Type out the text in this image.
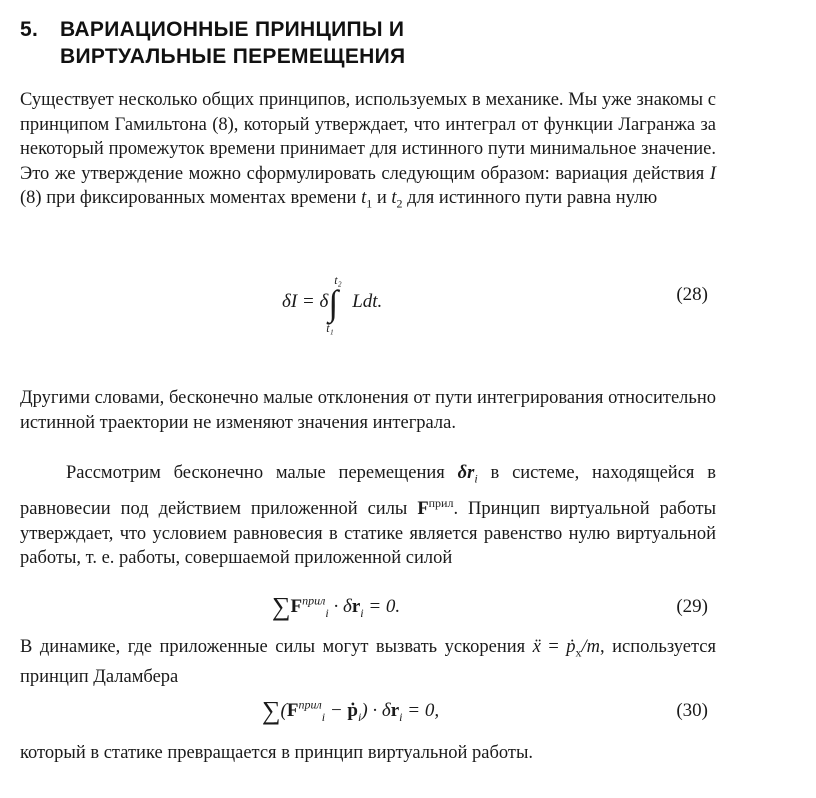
5. ВАРИАЦИОННЫЕ ПРИНЦИПЫ И
ВИРТУАЛЬНЫЕ ПЕРЕМЕЩЕНИЯ
Существует несколько общих принципов, используемых в механике. Мы уже знакомы с принципом Гамильтона (8), который утверждает, что интеграл от функции Лагранжа за некоторый промежуток времени принимает для истинного пути минимальное значение. Это же утверждение можно сформулировать следующим образом: вариация действия I (8) при фиксированных моментах времени $t_1$ и $t_2$ для истинного пути равна нулю
δI = δ∫
t₂
t₁
Ldt.	(28)
Другими словами, бесконечно малые отклонения от пути интегрирования относительно истинной траектории не изменяют значения интеграла.
Рассмотрим бесконечно малые перемещения $\delta r_i$ в системе, находящейся в равновесии под действием приложенной силы $F^{прил}$. Принцип виртуальной работы утверждает, что условием равновесия в статике является равенство нулю виртуальной работы, т. е. работы, совершаемой приложенной силой
$\sum F^{прил}_i \cdot \delta r_i = 0$.	(29)
В динамике, где приложенные силы могут вызвать ускорения ẍ = ṗ$_x$/m, используется принцип Даламбера
$\sum(F^{прил}_i$ − ṗ$_i$) · $\delta r_i = 0$,	(30)
который в статике превращается в принцип виртуальной работы.
